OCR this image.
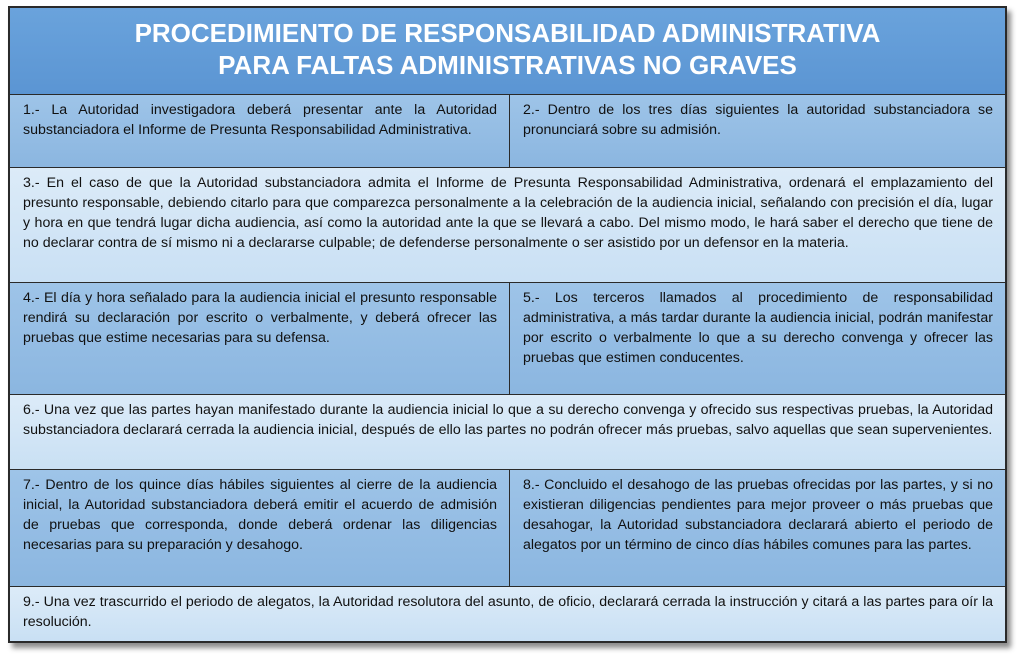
PROCEDIMIENTO DE RESPONSABILIDAD ADMINISTRATIVA
PARA FALTAS ADMINISTRATIVAS NO GRAVES
1.- La Autoridad investigadora deberá presentar ante la Autoridad substanciadora el Informe de Presunta Responsabilidad Administrativa.
2.- Dentro de los tres días siguientes la autoridad substanciadora se pronunciará sobre su admisión.
3.- En el caso de que la Autoridad substanciadora admita el Informe de Presunta Responsabilidad Administrativa, ordenará el emplazamiento del presunto responsable, debiendo citarlo para que comparezca personalmente a la celebración de la audiencia inicial, señalando con precisión el día, lugar y hora en que tendrá lugar dicha audiencia, así como la autoridad ante la que se llevará a cabo. Del mismo modo, le hará saber el derecho que tiene de no declarar contra de sí mismo ni a declararse culpable; de defenderse personalmente o ser asistido por un defensor en la materia.
4.- El día y hora señalado para la audiencia inicial el presunto responsable rendirá su declaración por escrito o verbalmente, y deberá ofrecer las pruebas que estime necesarias para su defensa.
5.- Los terceros llamados al procedimiento de responsabilidad administrativa, a más tardar durante la audiencia inicial, podrán manifestar por escrito o verbalmente lo que a su derecho convenga y ofrecer las pruebas que estimen conducentes.
6.- Una vez que las partes hayan manifestado durante la audiencia inicial lo que a su derecho convenga y ofrecido sus respectivas pruebas, la Autoridad substanciadora declarará cerrada la audiencia inicial, después de ello las partes no podrán ofrecer más pruebas, salvo aquellas que sean supervenientes.
7.- Dentro de los quince días hábiles siguientes al cierre de la audiencia inicial, la Autoridad substanciadora deberá emitir el acuerdo de admisión de pruebas que corresponda, donde deberá ordenar las diligencias necesarias para su preparación y desahogo.
8.- Concluido el desahogo de las pruebas ofrecidas por las partes, y si no existieran diligencias pendientes para mejor proveer o más pruebas que desahogar, la Autoridad substanciadora declarará abierto el periodo de alegatos por un término de cinco días hábiles comunes para las partes.
9.- Una vez trascurrido el periodo de alegatos, la Autoridad resolutora del asunto, de oficio, declarará cerrada la instrucción y citará a las partes para oír la resolución.
